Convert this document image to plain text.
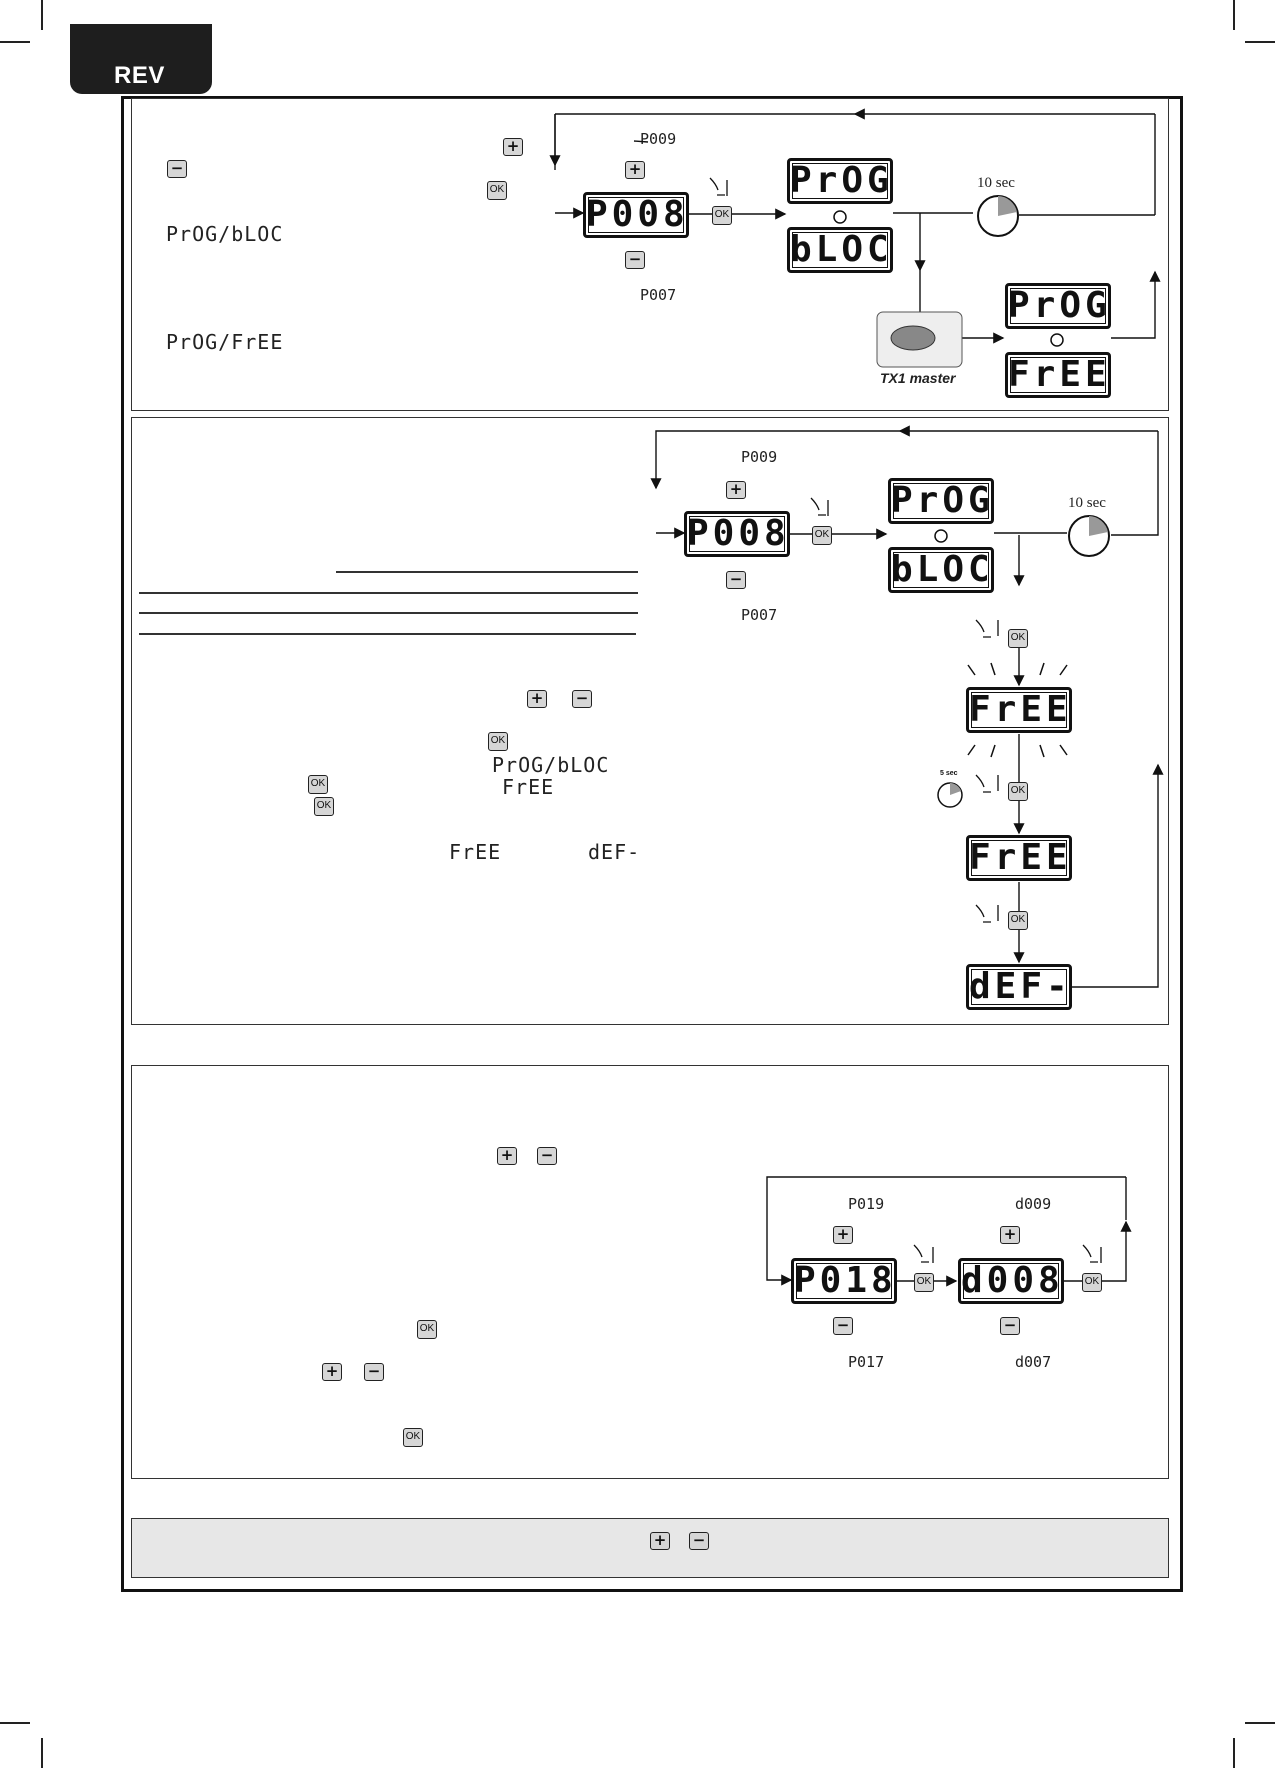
REV
+
−
OK
PrOG/bLOC
PrOG/FrEE
P009
+
P008
−
P007
OK
PrOG
bLOC
10 sec
TX1 master
PrOG
FrEE
+ −
OK
PrOG/bLOC
OK	FrEE
OK
FrEE	dEF-
P009
+
P008
−
P007
OK
PrOG
bLOC
10 sec
OK
FrEE
5 sec
OK
FrEE
OK
dEF-
+ −
OK
+ −
OK
P019
+
P018
−
P017
OK
d009
+
d008
−
d007
OK
+ −
